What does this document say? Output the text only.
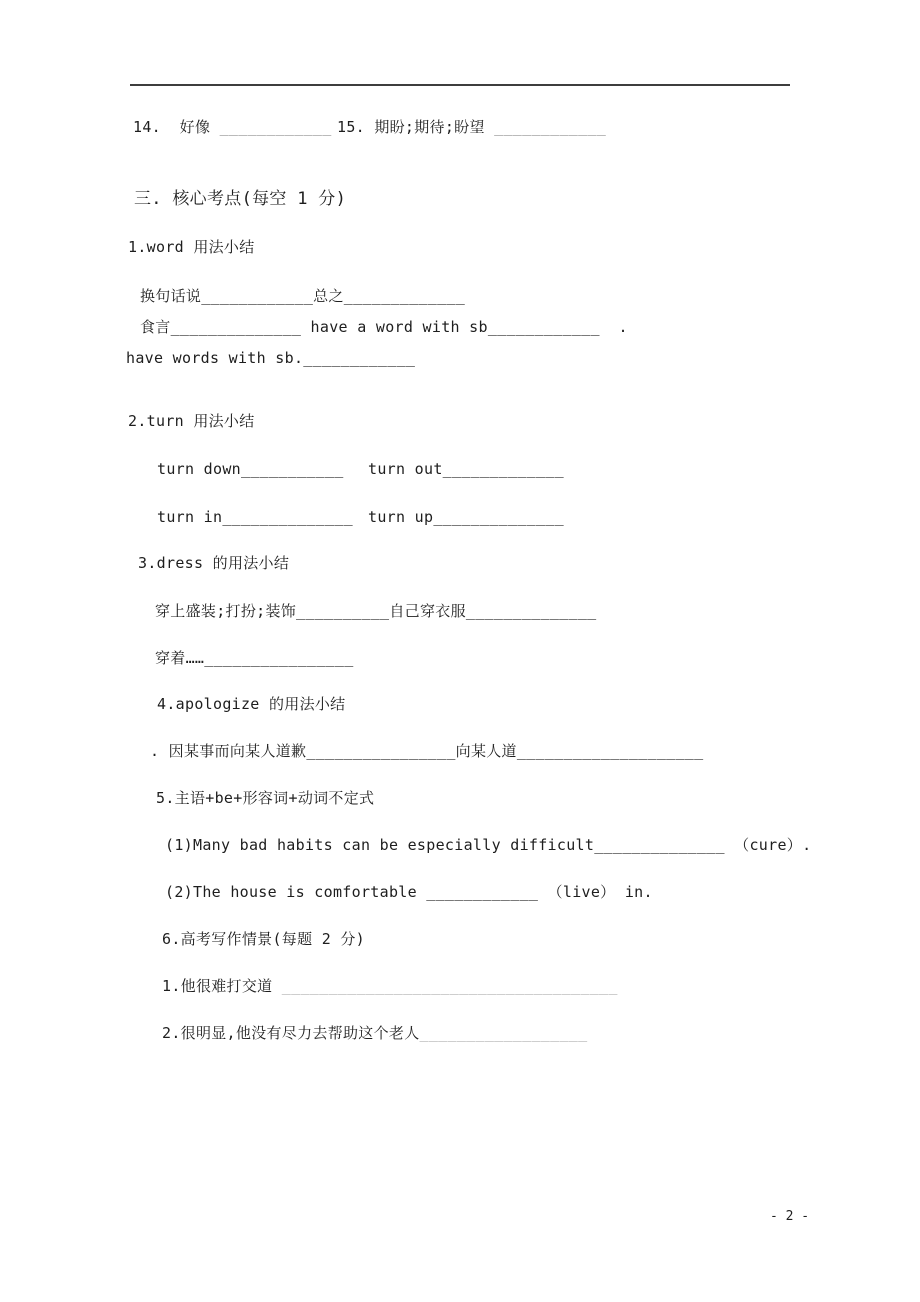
14.  好像 ____________ 15. 期盼;期待;盼望 ____________
三. 核心考点(每空 1 分)
1.word 用法小结
换句话说____________总之_____________
食言______________ have a word with sb____________  .
have words with sb.____________
2.turn 用法小结
turn down___________ turn out_____________
turn in______________ turn up______________
3.dress 的用法小结
穿上盛装;打扮;装饰__________自己穿衣服______________
穿着……________________
4.apologize 的用法小结
. 因某事而向某人道歉________________向某人道____________________
5.主语+be+形容词+动词不定式
(1)Many bad habits can be especially difficult______________ （cure）.
(2)The house is comfortable ____________ （live） in.
6.高考写作情景(每题 2 分)
1.他很难打交道 ____________________________________
2.很明显,他没有尽力去帮助这个老人__________________
- 2 -
